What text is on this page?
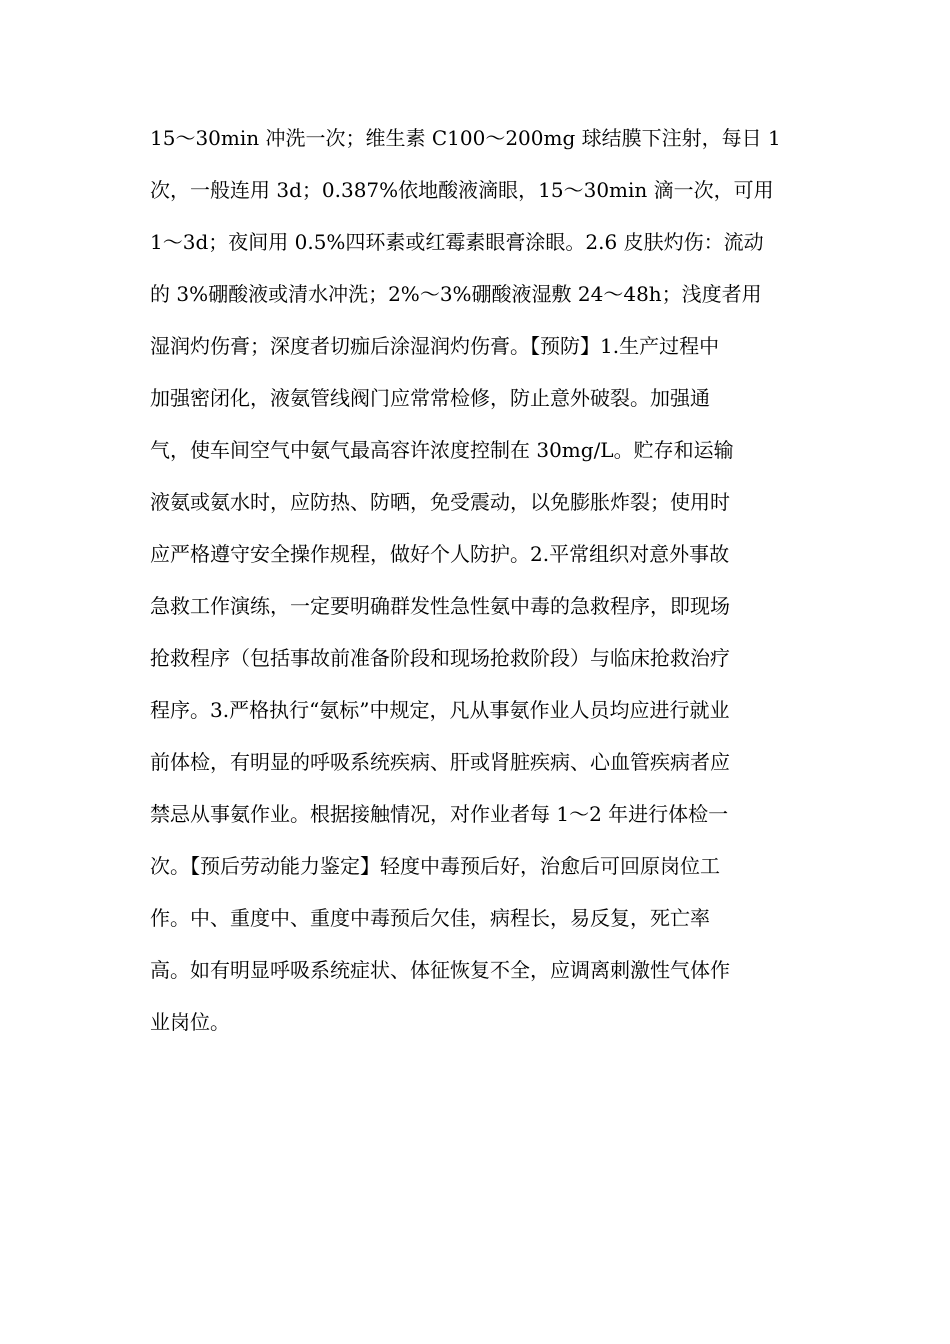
15～30min 冲洗一次；维生素 C100～200mg 球结膜下注射，每日 1
次，一般连用 3d；0.387%依地酸液滴眼，15～30min 滴一次，可用
1～3d；夜间用 0.5%四环素或红霉素眼膏涂眼。2.6 皮肤灼伤：流动
的 3%硼酸液或清水冲洗；2%～3%硼酸液湿敷 24～48h；浅度者用
湿润灼伤膏；深度者切痂后涂湿润灼伤膏。【预防】1.生产过程中
加强密闭化，液氨管线阀门应常常检修，防止意外破裂。加强通
气，使车间空气中氨气最高容许浓度控制在 30mg/L。贮存和运输
液氨或氨水时，应防热、防晒，免受震动，以免膨胀炸裂；使用时
应严格遵守安全操作规程，做好个人防护。2.平常组织对意外事故
急救工作演练，一定要明确群发性急性氨中毒的急救程序，即现场
抢救程序（包括事故前准备阶段和现场抢救阶段）与临床抢救治疗
程序。3.严格执行“氨标”中规定，凡从事氨作业人员均应进行就业
前体检，有明显的呼吸系统疾病、肝或肾脏疾病、心血管疾病者应
禁忌从事氨作业。根据接触情况，对作业者每 1～2 年进行体检一
次。【预后劳动能力鉴定】轻度中毒预后好，治愈后可回原岗位工
作。中、重度中、重度中毒预后欠佳，病程长，易反复，死亡率
高。如有明显呼吸系统症状、体征恢复不全，应调离刺激性气体作
业岗位。
